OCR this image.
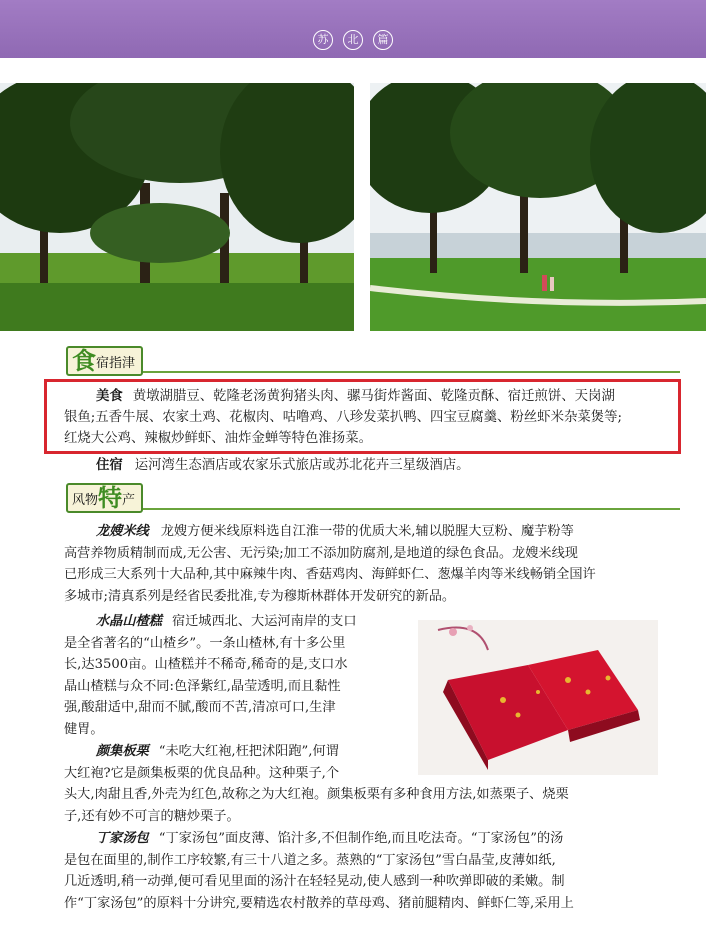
苏 北 篇
食 宿指津
美食 黄墩湖腊豆、乾隆老汤黄狗猪头肉、骡马街炸酱面、乾隆贡酥、宿迁煎饼、天岗湖
银鱼;五香牛展、农家土鸡、花椒肉、咕噜鸡、八珍发菜扒鸭、四宝豆腐羹、粉丝虾米杂菜煲等;
红烧大公鸡、辣椒炒鲜虾、油炸金蝉等特色淮扬菜。
住宿 运河湾生态酒店或农家乐式旅店或苏北花卉三星级酒店。
风物 特 产
龙嫂米线 龙嫂方便米线原料选自江淮一带的优质大米,辅以脱腥大豆粉、魔芋粉等
高营养物质精制而成,无公害、无污染;加工不添加防腐剂,是地道的绿色食品。龙嫂米线现
已形成三大系列十大品种,其中麻辣牛肉、香菇鸡肉、海鲜虾仁、葱爆羊肉等米线畅销全国许
多城市;清真系列是经省民委批准,专为穆斯林群体开发研究的新品。
水晶山楂糕 宿迁城西北、大运河南岸的支口
是全省著名的“山楂乡”。一条山楂林,有十多公里
长,达3500亩。山楂糕并不稀奇,稀奇的是,支口水
晶山楂糕与众不同:色泽紫红,晶莹透明,而且黏性
强,酸甜适中,甜而不腻,酸而不苦,清凉可口,生津
健胃。
颜集板栗 “未吃大红袍,枉把沭阳跑”,何谓
大红袍?它是颜集板栗的优良品种。这种栗子,个
头大,肉甜且香,外壳为红色,故称之为大红袍。颜集板栗有多种食用方法,如蒸栗子、烧栗
子,还有妙不可言的糖炒栗子。
丁家汤包 “丁家汤包”面皮薄、馅汁多,不但制作绝,而且吃法奇。“丁家汤包”的汤
是包在面里的,制作工序较繁,有三十八道之多。蒸熟的“丁家汤包”雪白晶莹,皮薄如纸,
几近透明,稍一动弹,便可看见里面的汤汁在轻轻晃动,使人感到一种吹弹即破的柔嫩。制
作“丁家汤包”的原料十分讲究,要精选农村散养的草母鸡、猪前腿精肉、鲜虾仁等,采用上
